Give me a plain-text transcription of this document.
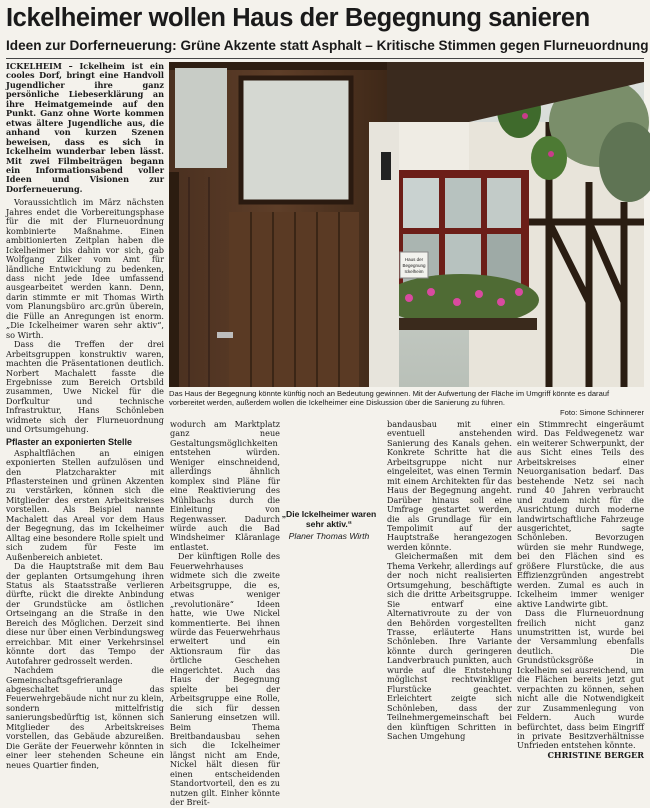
Ickelheimer wollen Haus der Begegnung sanieren
Ideen zur Dorferneuerung: Grüne Akzente statt Asphalt – Kritische Stimmen gegen Flurneuordnung

ICKELHEIM – Ickelheim ist ein cooles Dorf, bringt eine Handvoll Jugendlicher ihre ganz persönliche Liebeserklärung an ihre Heimatgemeinde auf den Punkt. Ganz ohne Worte kommen etwas ältere Jugendliche aus, die anhand von kurzen Szenen beweisen, dass es sich in Ickelheim wunderbar leben lässt. Mit zwei Filmbeiträgen begann ein Informationsabend voller Ideen und Visionen zur Dorferneuerung.

Voraussichtlich im März nächsten Jahres endet die Vorbereitungsphase für die mit der Flurneuordnung kombinierte Maßnahme. Einen ambitionierten Zeitplan haben die Ickelheimer bis dahin vor sich, gab Wolfgang Zilker vom Amt für ländliche Entwicklung zu bedenken, dass nicht jede Idee umfassend ausgearbeitet werden kann. Denn, darin stimmte er mit Thomas Wirth vom Planungsbüro arc.grün überein, die Fülle an Anregungen ist enorm. „Die Ickelheimer waren sehr aktiv“, so Wirth.

Dass die Treffen der drei Arbeitsgruppen konstruktiv waren, machten die Präsentationen deutlich. Norbert Machalett fasste die Ergebnisse zum Bereich Ortsbild zusammen, Uwe Nickel für die Dorfkultur und technische Infrastruktur, Hans Schönleben widmete sich der Flurneuordnung und Ortsumgehung.

Pflaster an exponierten Stelle

Asphaltflächen an einigen exponierten Stellen aufzulösen und den Platzcharakter mit Pflastersteinen und grünen Akzenten zu verstärken, können sich die Mitglieder des ersten Arbeitskreises vorstellen. Als Beispiel nannte Machalett das Areal vor dem Haus der Begegnung, das im Ickelheimer Alltag eine besondere Rolle spielt und sich zudem für Feste im Außenbereich anbietet.

Da die Hauptstraße mit dem Bau der geplanten Ortsumgehung ihren Status als Staatsstraße verlieren dürfte, rückt die direkte Anbindung der Grundstücke am östlichen Ortseingang an die Straße in den Bereich des Möglichen. Derzeit sind diese nur über einen Verbindungsweg erreichbar. Mit einer Verkehrsinsel könnte dort das Tempo der Autofahrer gedrosselt werden.

Nachdem die Gemeinschaftsgefrieranlage abgeschaltet und das Feuerwehrgebäude nicht nur zu klein, sondern mittelfristig sanierungsbedürftig ist, können sich Mitglieder des Arbeitskreises vorstellen, das Gebäude abzureißen. Die Geräte der Feuerwehr könnten in einer leer stehenden Scheune ein neues Quartier finden,

Haus der
Begegnung
Ickelheim
Das Haus der Begegnung könnte künftig noch an Bedeutung gewinnen. Mit der Aufwertung der Fläche im Umgriff könnte es darauf vorbereitet werden, außerdem wollen die Ickelheimer eine Diskussion über die Sanierung zu führen.
Foto: Simone Schinnerer

wodurch am Marktplatz ganz neue Gestaltungsmöglichkeiten entstehen würden. Weniger einschneidend, allerdings ähnlich komplex sind Pläne für eine Reaktivierung des Mühlbachs durch die Einleitung von Regenwasser. Dadurch würde auch die Bad Windsheimer Kläranlage entlastet.

Der künftigen Rolle des Feuerwehrhauses widmete sich die zweite Arbeitsgruppe, die es, etwas weniger „revolutionäre“ Ideen hatte, wie Uwe Nickel kommentierte. Bei ihnen würde das Feuerwehrhaus erweitert und ein Aktionsraum für das örtliche Geschehen eingerichtet. Auch das Haus der Begegnung spielte bei der Arbeitsgruppe eine Rolle, die sich für dessen Sanierung einsetzen will. Beim Thema Breitbandausbau sehen sich die Ickelheimer längst nicht am Ende, Nickel hält diesen für einen entscheidenden Standortvorteil, den es zu nutzen gilt. Einher könnte der Breit-

„Die Ickelheimer waren sehr aktiv.“
Planer Thomas Wirth

bandausbau mit einer eventuell anstehenden Sanierung des Kanals gehen. Konkrete Schritte hat die Arbeitsgruppe nicht nur eingeleitet, was einen Termin mit einem Architekten für das Haus der Begegnung angeht. Darüber hinaus soll eine Umfrage gestartet werden, die als Grundlage für ein Tempolimit auf der Hauptstraße herangezogen werden könnte.

Gleichermaßen mit dem Thema Verkehr, allerdings auf der noch nicht realisierten Ortsumgehung, beschäftigte sich die dritte Arbeitsgruppe. Sie entwarf eine Alternativroute zu der von den Behörden vorgestellten Trasse, erläuterte Hans Schönleben. Ihre Variante könnte durch geringeren Landverbrauch punkten, auch wurde auf die Entstehung möglichst rechtwinkliger Flurstücke geachtet. Erleichtert zeigte sich Schönleben, dass der Teilnehmergemeinschaft bei den künftigen Schritten in Sachen Umgehung

ein Stimmrecht eingeräumt wird. Das Feldwegenetz war ein weiterer Schwerpunkt, der aus Sicht eines Teils des Arbeitskreises einer Neuorganisation bedarf. Das bestehende Netz sei nach rund 40 Jahren verbraucht und zudem nicht für die Ausrichtung durch moderne landwirtschaftliche Fahrzeuge ausgerichtet, sagte Schönleben. Bevorzugen würden sie mehr Rundwege, bei den Flächen sind es größere Flurstücke, die aus Effizienzgründen angestrebt werden. Zumal es auch in Ickelheim immer weniger aktive Landwirte gibt.

Dass die Flurneuordnung freilich nicht ganz unumstritten ist, wurde bei der Versammlung ebenfalls deutlich. Die Grundstücksgröße in Ickelheim sei ausreichend, um die Flächen bereits jetzt gut verpachten zu können, sehen nicht alle die Notwendigkeit zur Zusammenlegung von Feldern. Auch wurde befürchtet, dass beim Eingriff in private Besitzverhältnisse Unfrieden entstehen könnte.

CHRISTINE BERGER
